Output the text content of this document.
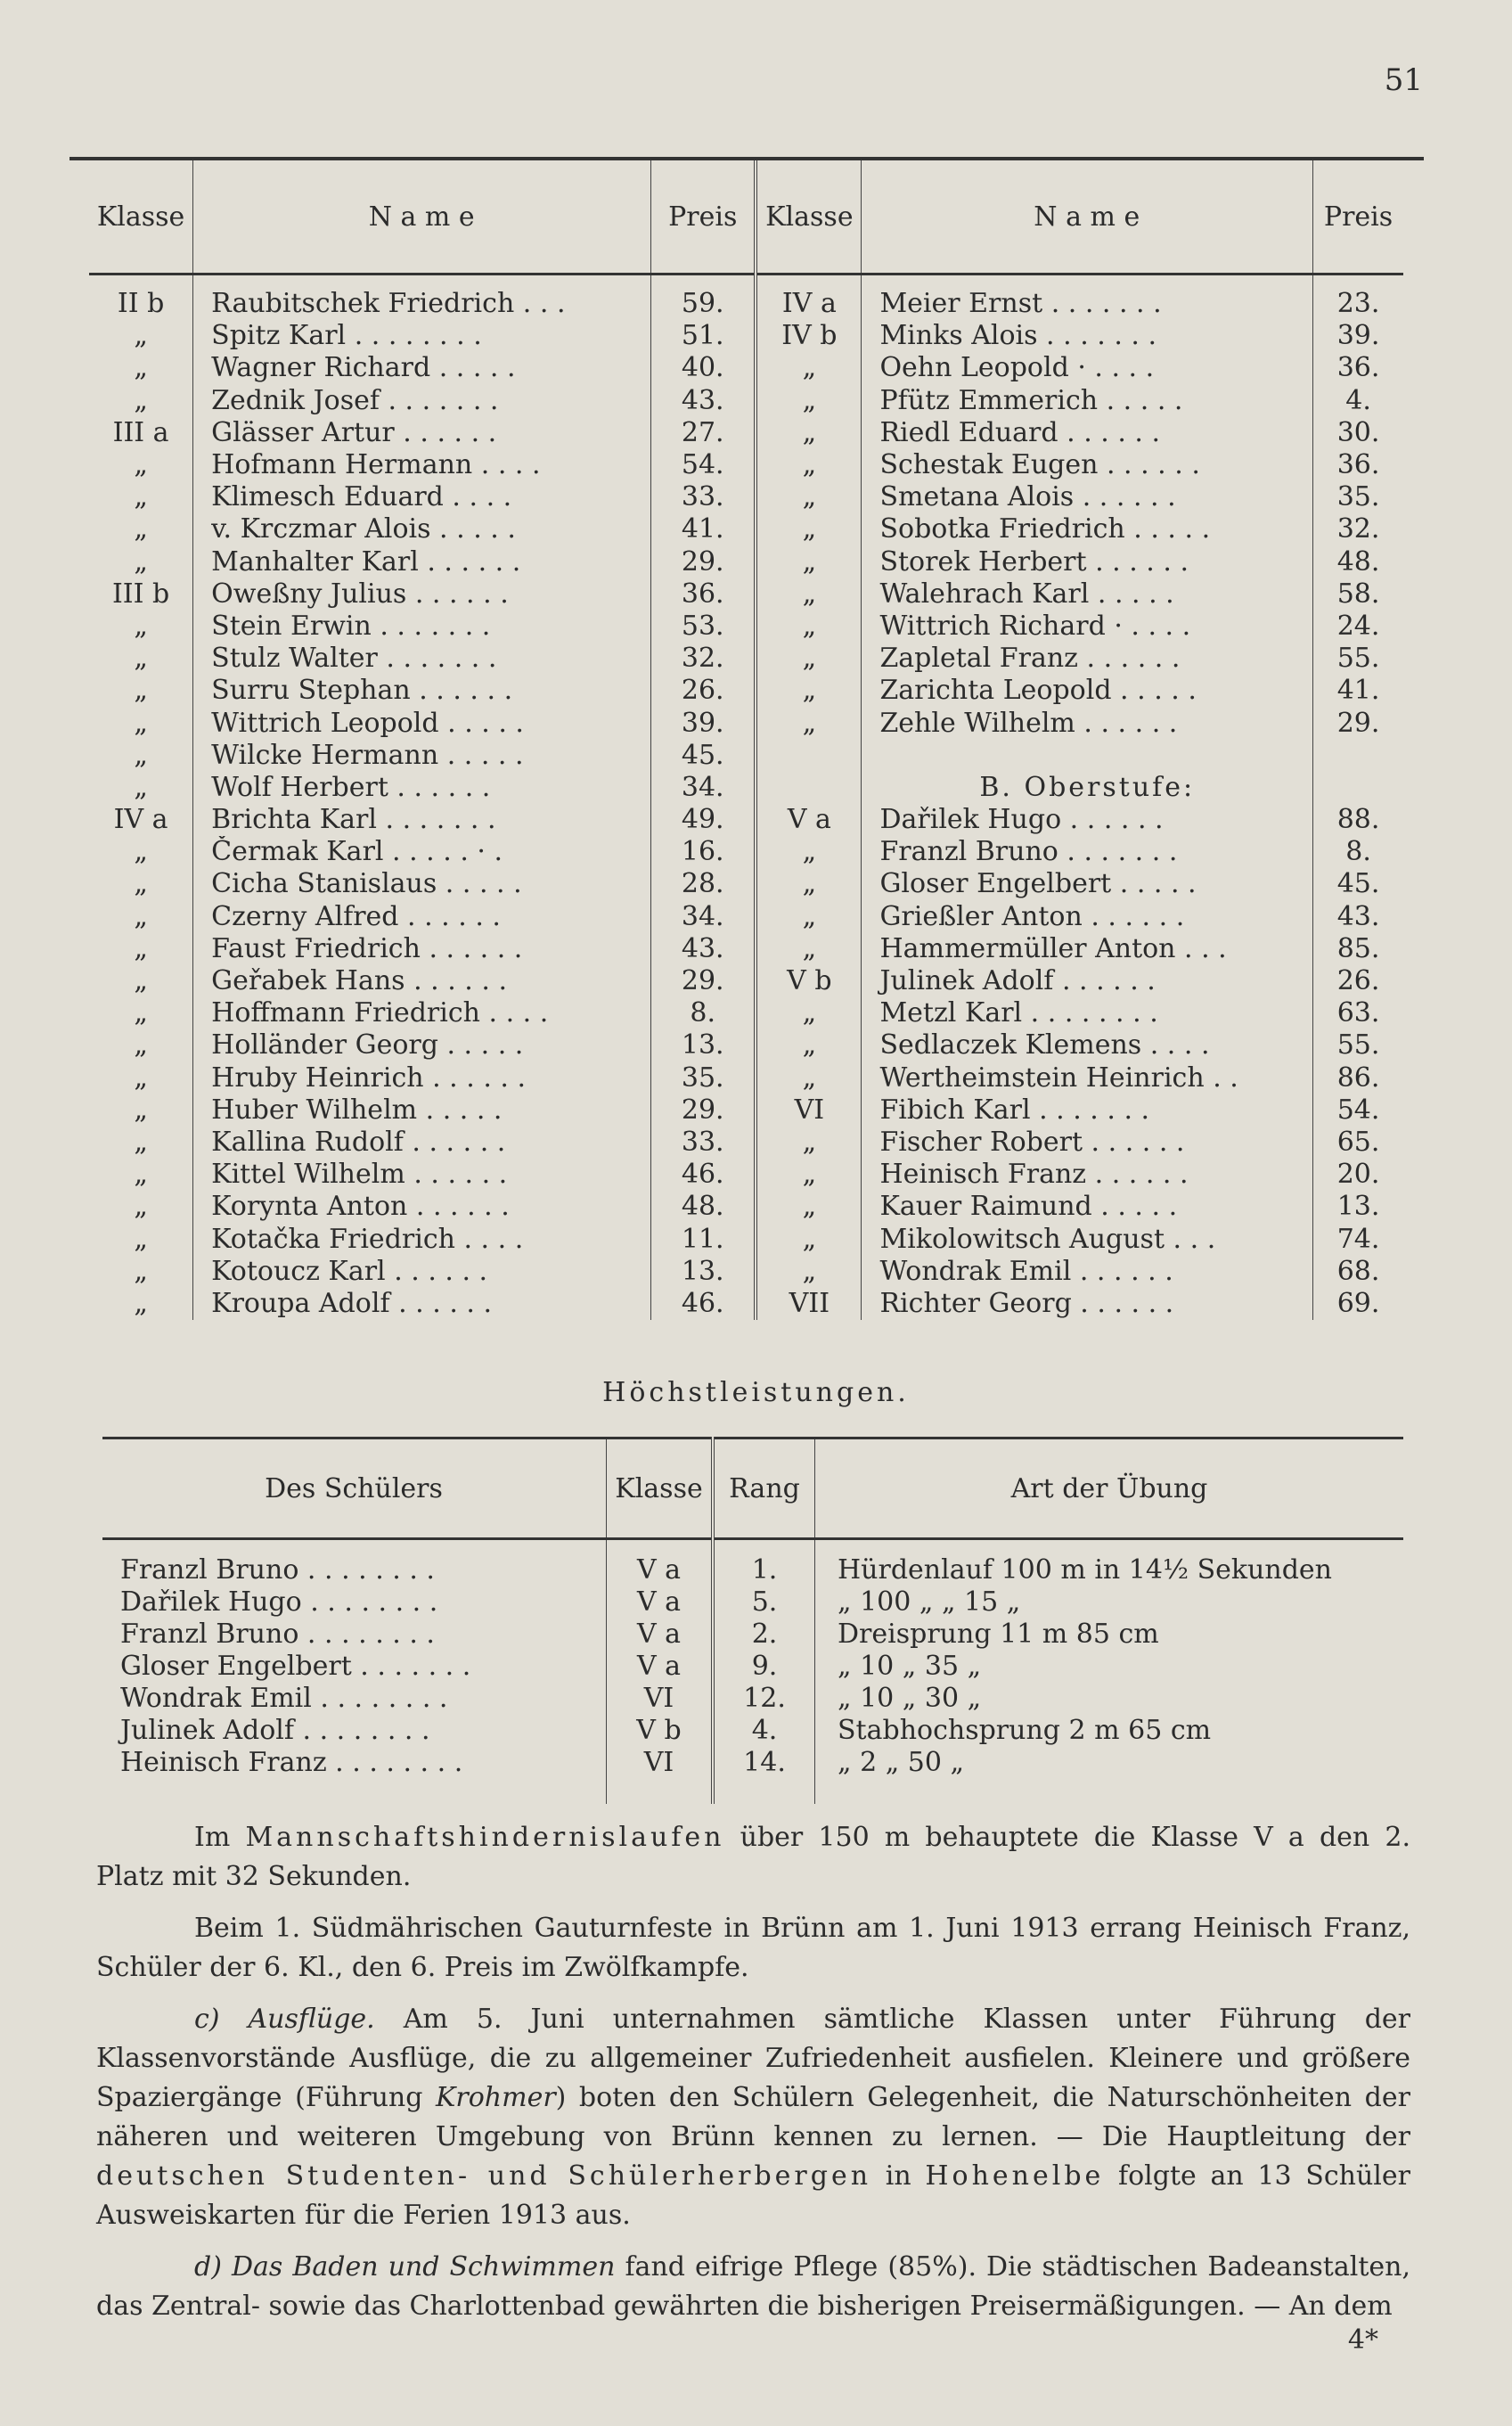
51
Klasse	N a m e	Preis	Klasse	N a m e	Preis
II b	Raubitschek Friedrich . . .	59.	IV a	Meier Ernst . . . . . . .	23.
„	Spitz Karl . . . . . . . .	51.	IV b	Minks Alois . . . . . . .	39.
„	Wagner Richard . . . . .	40.	„	Oehn Leopold · . . . .	36.
„	Zednik Josef . . . . . . .	43.	„	Pfütz Emmerich . . . . .	4.
III a	Glässer Artur . . . . . .	27.	„	Riedl Eduard . . . . . .	30.
„	Hofmann Hermann . . . .	54.	„	Schestak Eugen . . . . . .	36.
„	Klimesch Eduard . . . .	33.	„	Smetana Alois . . . . . .	35.
„	v. Krczmar Alois . . . . .	41.	„	Sobotka Friedrich . . . . .	32.
„	Manhalter Karl . . . . . .	29.	„	Storek Herbert . . . . . .	48.
III b	Oweßny Julius . . . . . .	36.	„	Walehrach Karl . . . . .	58.
„	Stein Erwin . . . . . . .	53.	„	Wittrich Richard · . . . .	24.
„	Stulz Walter . . . . . . .	32.	„	Zapletal Franz . . . . . .	55.
„	Surru Stephan . . . . . .	26.	„	Zarichta Leopold . . . . .	41.
„	Wittrich Leopold . . . . .	39.	„	Zehle Wilhelm . . . . . .	29.
„	Wilcke Hermann . . . . .	45.			
„	Wolf Herbert . . . . . .	34.		B. Oberstufe:	
IV a	Brichta Karl . . . . . . .	49.	V a	Dařilek Hugo . . . . . .	88.
„	Čermak Karl . . . . . · .	16.	„	Franzl Bruno . . . . . . .	8.
„	Cicha Stanislaus . . . . .	28.	„	Gloser Engelbert . . . . .	45.
„	Czerny Alfred . . . . . .	34.	„	Grießler Anton . . . . . .	43.
„	Faust Friedrich . . . . . .	43.	„	Hammermüller Anton . . .	85.
„	Geřabek Hans . . . . . .	29.	V b	Julinek Adolf . . . . . .	26.
„	Hoffmann Friedrich . . . .	8.	„	Metzl Karl . . . . . . . .	63.
„	Holländer Georg . . . . .	13.	„	Sedlaczek Klemens . . . .	55.
„	Hruby Heinrich . . . . . .	35.	„	Wertheimstein Heinrich . .	86.
„	Huber Wilhelm . . . . .	29.	VI	Fibich Karl . . . . . . .	54.
„	Kallina Rudolf . . . . . .	33.	„	Fischer Robert . . . . . .	65.
„	Kittel Wilhelm . . . . . .	46.	„	Heinisch Franz . . . . . .	20.
„	Korynta Anton . . . . . .	48.	„	Kauer Raimund . . . . .	13.
„	Kotačka Friedrich . . . .	11.	„	Mikolowitsch August . . .	74.
„	Kotoucz Karl . . . . . .	13.	„	Wondrak Emil . . . . . .	68.
„	Kroupa Adolf . . . . . .	46.	VII	Richter Georg . . . . . .	69.
Höchstleistungen.
Des Schülers	Klasse	Rang	Art der Übung
Franzl Bruno . . . . . . . .	V a	1.	Hürdenlauf 100 m in 14½ Sekunden
Dařilek Hugo . . . . . . . .	V a	5.	„ 100 „ „ 15 „
Franzl Bruno . . . . . . . .	V a	2.	Dreisprung 11 m 85 cm
Gloser Engelbert . . . . . . .	V a	9.	„ 10 „ 35 „
Wondrak Emil . . . . . . . .	VI	12.	„ 10 „ 30 „
Julinek Adolf . . . . . . . .	V b	4.	Stabhochsprung 2 m 65 cm
Heinisch Franz . . . . . . . .	VI	14.	„ 2 „ 50 „

Im Mannschaftshindernislaufen über 150 m behauptete die Klasse V a den 2. Platz mit 32 Sekunden.

Beim 1. Südmährischen Gauturnfeste in Brünn am 1. Juni 1913 errang Heinisch Franz, Schüler der 6. Kl., den 6. Preis im Zwölfkampfe.

c) Ausflüge. Am 5. Juni unternahmen sämtliche Klassen unter Führung der Klassenvorstände Ausflüge, die zu allgemeiner Zufriedenheit ausfielen. Kleinere und größere Spaziergänge (Führung Krohmer) boten den Schülern Gelegenheit, die Naturschönheiten der näheren und weiteren Umgebung von Brünn kennen zu lernen. — Die Hauptleitung der deutschen Studenten- und Schülerherbergen in Hohenelbe folgte an 13 Schüler Ausweiskarten für die Ferien 1913 aus.

d) Das Baden und Schwimmen fand eifrige Pflege (85%). Die städtischen Badeanstalten, das Zentral- sowie das Charlottenbad gewährten die bisherigen Preisermäßigungen. — An dem

4*
